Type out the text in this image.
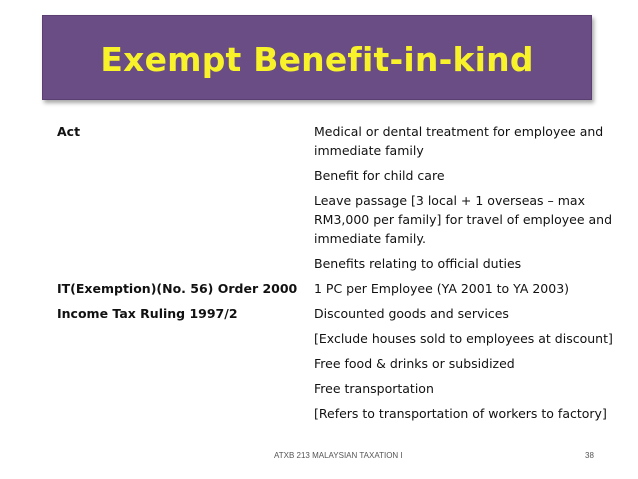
Exempt Benefit-in-kind
Act	Medical or dental treatment for employee and immediate family
	Benefit for child care
	Leave passage [3 local + 1 overseas – max RM3,000 per family] for travel of employee and immediate family.
	Benefits relating to official duties
IT(Exemption)(No. 56) Order 2000	1 PC per Employee (YA 2001 to YA 2003)
Income Tax Ruling 1997/2	Discounted goods and services
	[Exclude houses sold to employees at discount]
	Free food & drinks or subsidized
	Free transportation
	[Refers to transportation of workers to factory]
ATXB 213 MALAYSIAN TAXATION I	38
